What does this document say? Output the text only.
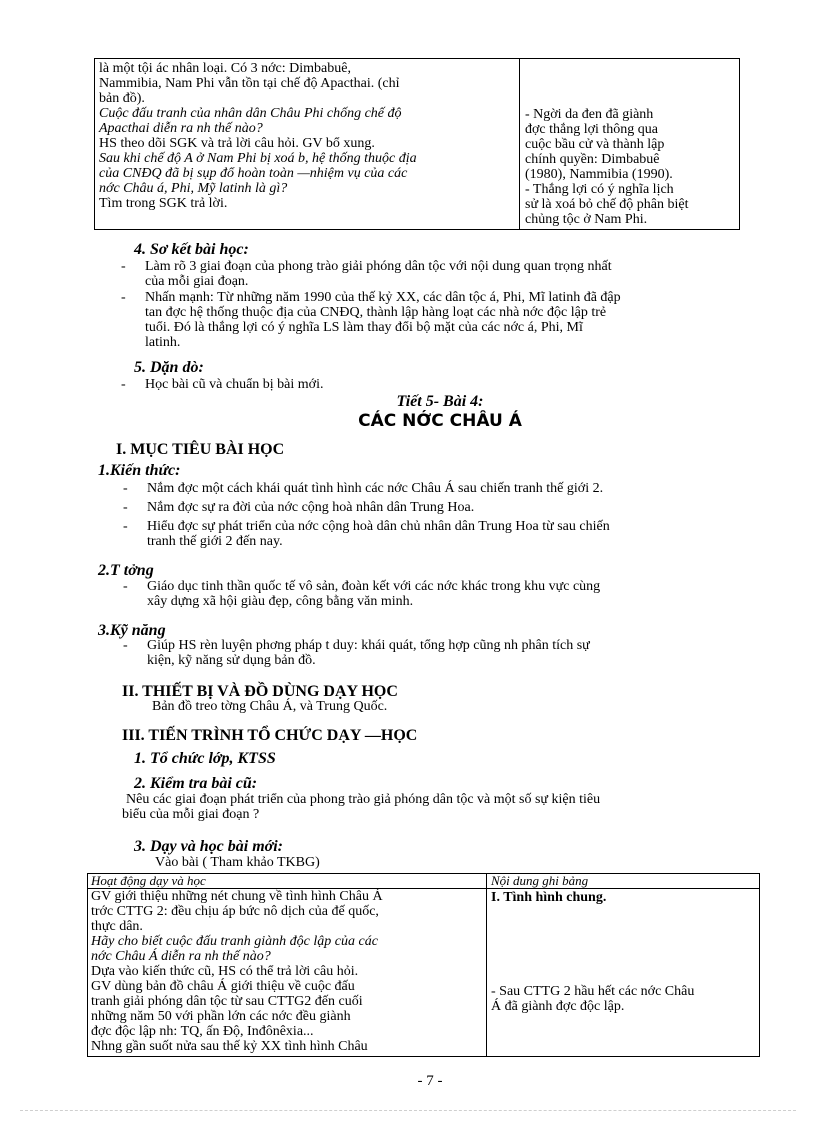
là một tội ác nhân loại. Có 3 nớc: Dimbabuê,

Nammibia, Nam Phi vẫn tồn tại chế độ Apacthai. (chỉ

bản đồ).

Cuộc đấu tranh của nhân dân Châu Phi chống chế độ

Apacthai diễn ra nh thế nào?

HS theo dõi SGK và trả lời câu hỏi. GV bổ xung.

Sau khi chế độ A ở Nam Phi bị xoá b, hệ thống thuộc địa

của CNĐQ đã bị sụp đổ hoàn toàn —nhiệm vụ của các

nớc Châu á, Phi, Mỹ latinh là gì?

Tìm trong SGK trả lời.

- Ngời da đen đã giành

đợc thắng lợi thông qua

cuộc bầu cử và thành lập

chính quyền: Dimbabuê

(1980), Nammibia (1990).

- Thắng lợi có ý nghĩa lịch

sử là xoá bỏ chế độ phân biệt

chủng tộc ở Nam Phi.

4. Sơ kết bài học:
- Làm rõ 3 giai đoạn của phong trào giải phóng dân tộc với nội dung quan trọng nhất

của mỗi giai đoạn.

- Nhấn mạnh: Từ những năm 1990 của thế kỷ XX, các dân tộc á, Phi, Mĩ latinh đã đập

tan đợc hệ thống thuộc địa của CNĐQ, thành lập hàng loạt các nhà nớc độc lập trẻ

tuổi. Đó là thắng lợi có ý nghĩa LS làm thay đổi bộ mặt của các nớc á, Phi, Mĩ

latinh.

5. Dặn dò:
- Học bài cũ và chuẩn bị bài mới.

Tiết 5- Bài 4:
CÁC NỚC CHÂU Á
I. MỤC TIÊU BÀI HỌC
1.Kiến thức:
- Nắm đợc một cách khái quát tình hình các nớc Châu Á sau chiến tranh thế giới 2.

- Nắm đợc sự ra đời của nớc cộng hoà nhân dân Trung Hoa.

- Hiểu đợc sự phát triển của nớc cộng hoà dân chủ nhân dân Trung Hoa từ sau chiến

tranh thế giới 2 đến nay.

2.T tởng
- Giáo dục tinh thần quốc tế vô sản, đoàn kết với các nớc khác trong khu vực cùng

xây dựng xã hội giàu đẹp, công bằng văn minh.

3.Kỹ năng
- Giúp HS rèn luyện phơng pháp t duy: khái quát, tổng hợp cũng nh phân tích sự

kiện, kỹ năng sử dụng bản đồ.

II. THIẾT BỊ VÀ ĐỒ DÙNG DẠY HỌC
Bản đồ treo tờng Châu Á, và Trung Quốc.
III. TIẾN TRÌNH TỔ CHỨC DẠY —HỌC
1. Tổ chức lớp, KTSS
2. Kiểm tra bài cũ:

Nêu các giai đoạn phát triển của phong trào giả phóng dân tộc và một số sự kiện tiêu

biểu của mỗi giai đoạn ?

3. Dạy và học bài mới:
Vào bài ( Tham khảo TKBG)
Hoạt động dạy và học	Nội dung ghi bảng

GV giới thiệu những nét chung về tình hình Châu Á

trớc CTTG 2: đều chịu áp bức nô dịch của đế quốc,

thực dân.

Hãy cho biết cuộc đấu tranh giành độc lập của các

nớc Châu Á diễn ra nh thế nào?

Dựa vào kiến thức cũ, HS có thể trả lời câu hỏi.

GV dùng bản đồ châu Á giới thiệu về cuộc đấu

tranh giải phóng dân tộc từ sau CTTG2 đến cuối

những năm 50 với phần lớn các nớc đều giành

đợc độc lập nh: TQ, ấn Độ, Inđônêxia...

Nhng gần suốt nửa sau thế kỷ XX tình hình Châu

I. Tình hình chung.

- Sau CTTG 2 hầu hết các nớc Châu

Á đã giành đợc độc lập.

- 7 -
